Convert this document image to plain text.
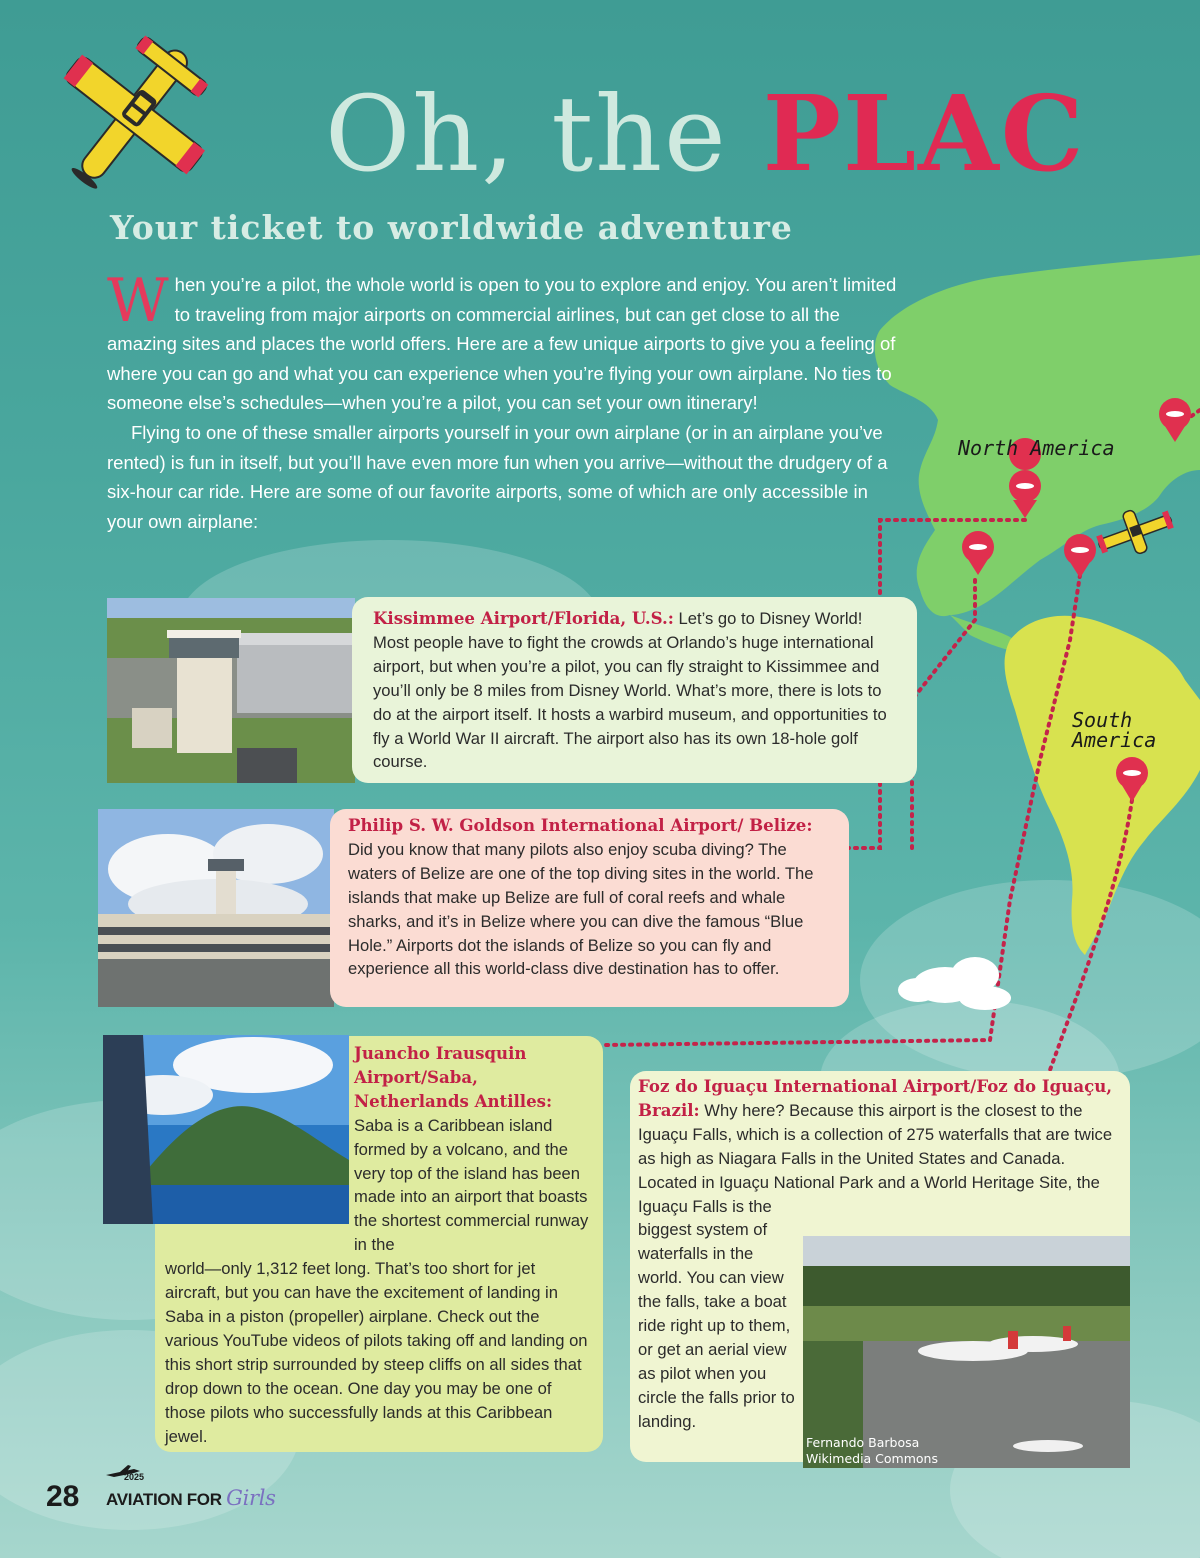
Oh, the PLAC
Your ticket to worldwide adventure

When you’re a pilot, the whole world is open to you to explore and enjoy. You aren’t limited to traveling from major airports on commercial airlines, but can get close to all the amazing sites and places the world offers. Here are a few unique airports to give you a feeling of where you can go and what you can experience when you’re flying your own airplane. No ties to someone else’s schedules—when you’re a pilot, you can set your own itinerary!

Flying to one of these smaller airports yourself in your own airplane (or in an airplane you’ve rented) is fun in itself, but you’ll have even more fun when you arrive—without the drudgery of a six-hour car ride. Here are some of our favorite airports, some of which are only accessible in your own airplane:

North America
South America
Kissimmee Airport/Florida, U.S.: Let’s go to Disney World! Most people have to fight the crowds at Orlando’s huge international airport, but when you’re a pilot, you can fly straight to Kissimmee and you’ll only be 8 miles from Disney World. What’s more, there is lots to do at the airport itself. It hosts a warbird museum, and opportunities to fly a World War II aircraft. The airport also has its own 18-hole golf course.
Philip S. W. Goldson International Airport/ Belize: Did you know that many pilots also enjoy scuba diving? The waters of Belize are one of the top diving sites in the world. The islands that make up Belize are full of coral reefs and whale sharks, and it’s in Belize where you can dive the famous “Blue Hole.” Airports dot the islands of Belize so you can fly and experience all this world-class dive destination has to offer.
Juancho Irausquin Airport/Saba, Netherlands Antilles:
Saba is a Caribbean island formed by a volcano, and the very top of the island has been made into an airport that boasts the shortest commercial runway in the
world—only 1,312 feet long. That’s too short for jet aircraft, but you can have the excitement of landing in Saba in a piston (propeller) airplane. Check out the various YouTube videos of pilots taking off and landing on this short strip surrounded by steep cliffs on all sides that drop down to the ocean. One day you may be one of those pilots who successfully lands at this Caribbean jewel.
Foz do Iguaçu International Airport/Foz do Iguaçu, Brazil: Why here? Because this airport is the closest to the Iguaçu Falls, which is a collection of 275 waterfalls that are twice as high as Niagara Falls in the United States and Canada. Located in Iguaçu National Park and a World Heritage Site, the Iguaçu Falls is the
biggest system of waterfalls in the world. You can view the falls, take a boat ride right up to them, or get an aerial view as pilot when you circle the falls prior to landing.
Fernando Barbosa
Wikimedia Commons
28
2025
AVIATION FOR Girls
